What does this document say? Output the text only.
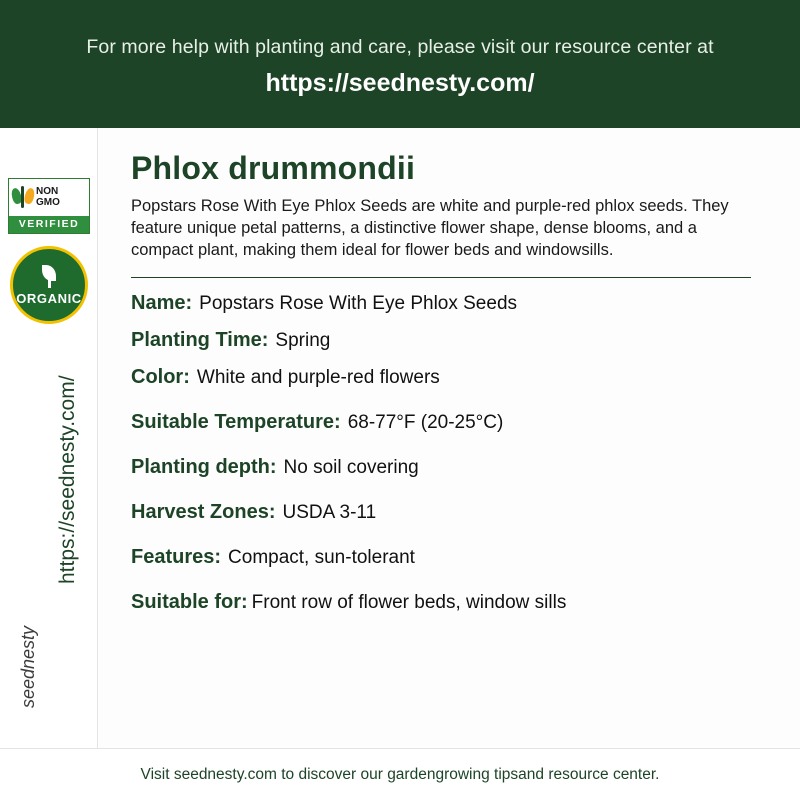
For more help with planting and care, please visit our resource center at
https://seednesty.com/
NON
GMO
VERIFIED
ORGANIC
https://seednesty.com/
seednesty
Phlox drummondii
Popstars Rose With Eye Phlox Seeds are white and purple-red phlox seeds. They feature unique petal patterns, a distinctive flower shape, dense blooms, and a compact plant, making them ideal for flower beds and windowsills.
Name: Popstars Rose With Eye Phlox Seeds
Planting Time: Spring
Color: White and purple-red flowers
Suitable Temperature: 68-77°F (20-25°C)
Planting depth: No soil covering
Harvest Zones: USDA 3-11
Features: Compact, sun-tolerant
Suitable for: Front row of flower beds, window sills
Visit seednesty.com to discover our gardengrowing tipsand resource center.
